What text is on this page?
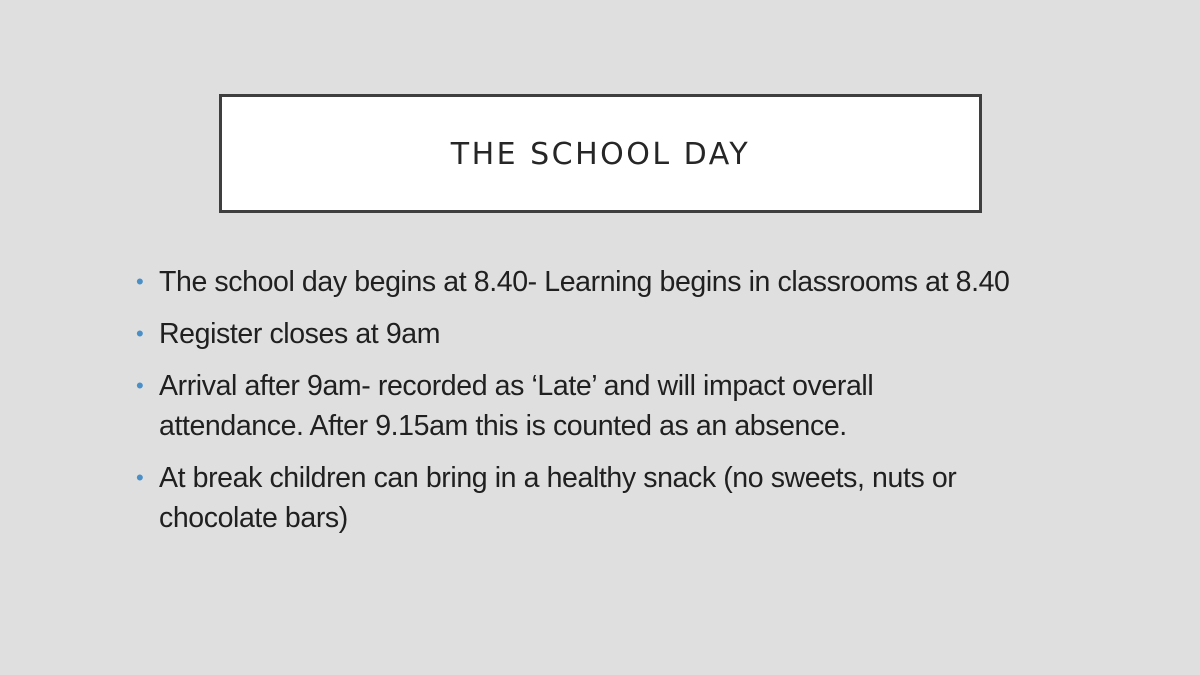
THE SCHOOL DAY
• The school day begins at 8.40- Learning begins in classrooms at 8.40
• Register closes at 9am
• Arrival after 9am- recorded as ‘Late’ and will impact overall attendance. After 9.15am this is counted as an absence.
• At break children can bring in a healthy snack (no sweets, nuts or chocolate bars)
